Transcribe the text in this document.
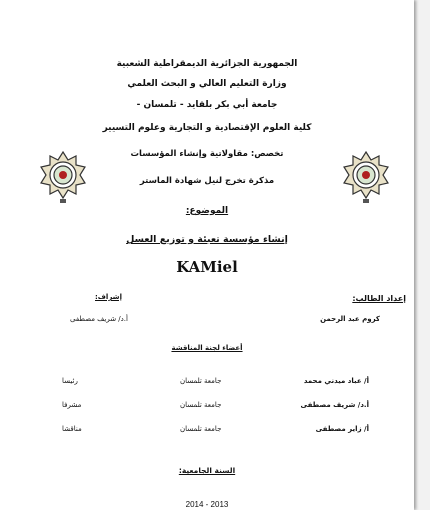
الجمهورية الجزائرية الديمقراطية الشعبية
وزارة التعليم العالي و البحث العلمي
جامعة أبي بكر بلقايد - تلمسان -
كلية العلوم الإقتصادية و التجارية وعلوم التسيير
تخصص: مقاولاتية وإنشاء المؤسسات
مذكرة تخرج لنيل شهادة الماستر
الموضوع:
إنشاء مؤسسة تعبئة و توزيع العسل
KAMiel
إعداد الطالب:
كروم عبد الرحمن
إشراف:
أ.د/ شريف مصطفى
أعضاء لجنة المناقشة
أ/ عباد ميدني محمد
جامعة تلمسان
رئيسا
أ.د/ شريف مصطفى
جامعة تلمسان
مشرفا
أ/ زاير مصطفى
جامعة تلمسان
مناقشا
السنة الجامعية:
2014 - 2013
